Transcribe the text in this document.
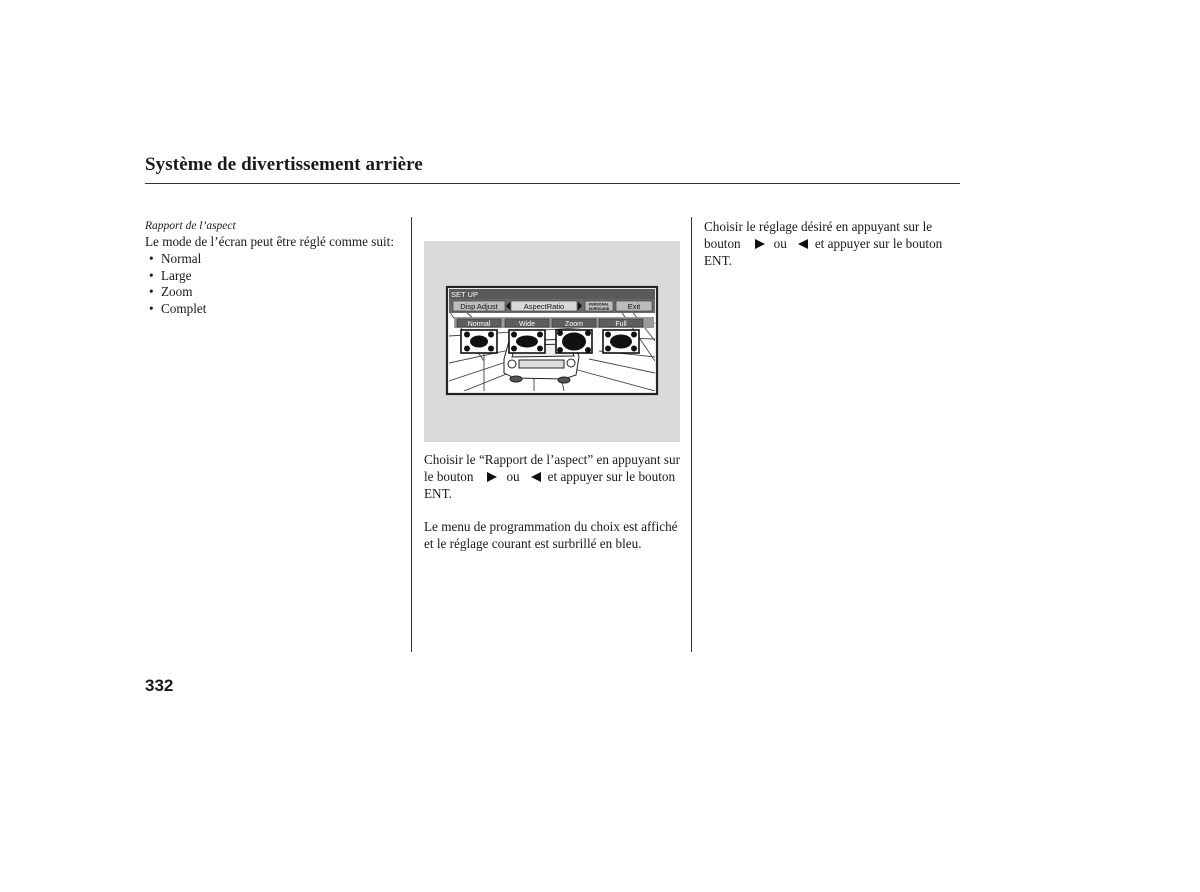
Système de divertissement arrière
Rapport de l’aspect

Le mode de l’écran peut être réglé comme suit:

• Normal
• Large
• Zoom
• Complet
SET UP
Disp Adjust	AspectRatio	PERSONAL
SURROUND Exit
Normal	Wide	Zoom	Full

Choisir le “Rapport de l’aspect” en appuyant sur le bouton	ou et appuyer sur le bouton ENT.

Le menu de programmation du choix est affiché et le réglage courant est surbrillé en bleu.

Choisir le réglage désiré en appuyant sur le bouton	ou et appuyer sur le bouton ENT.

332
